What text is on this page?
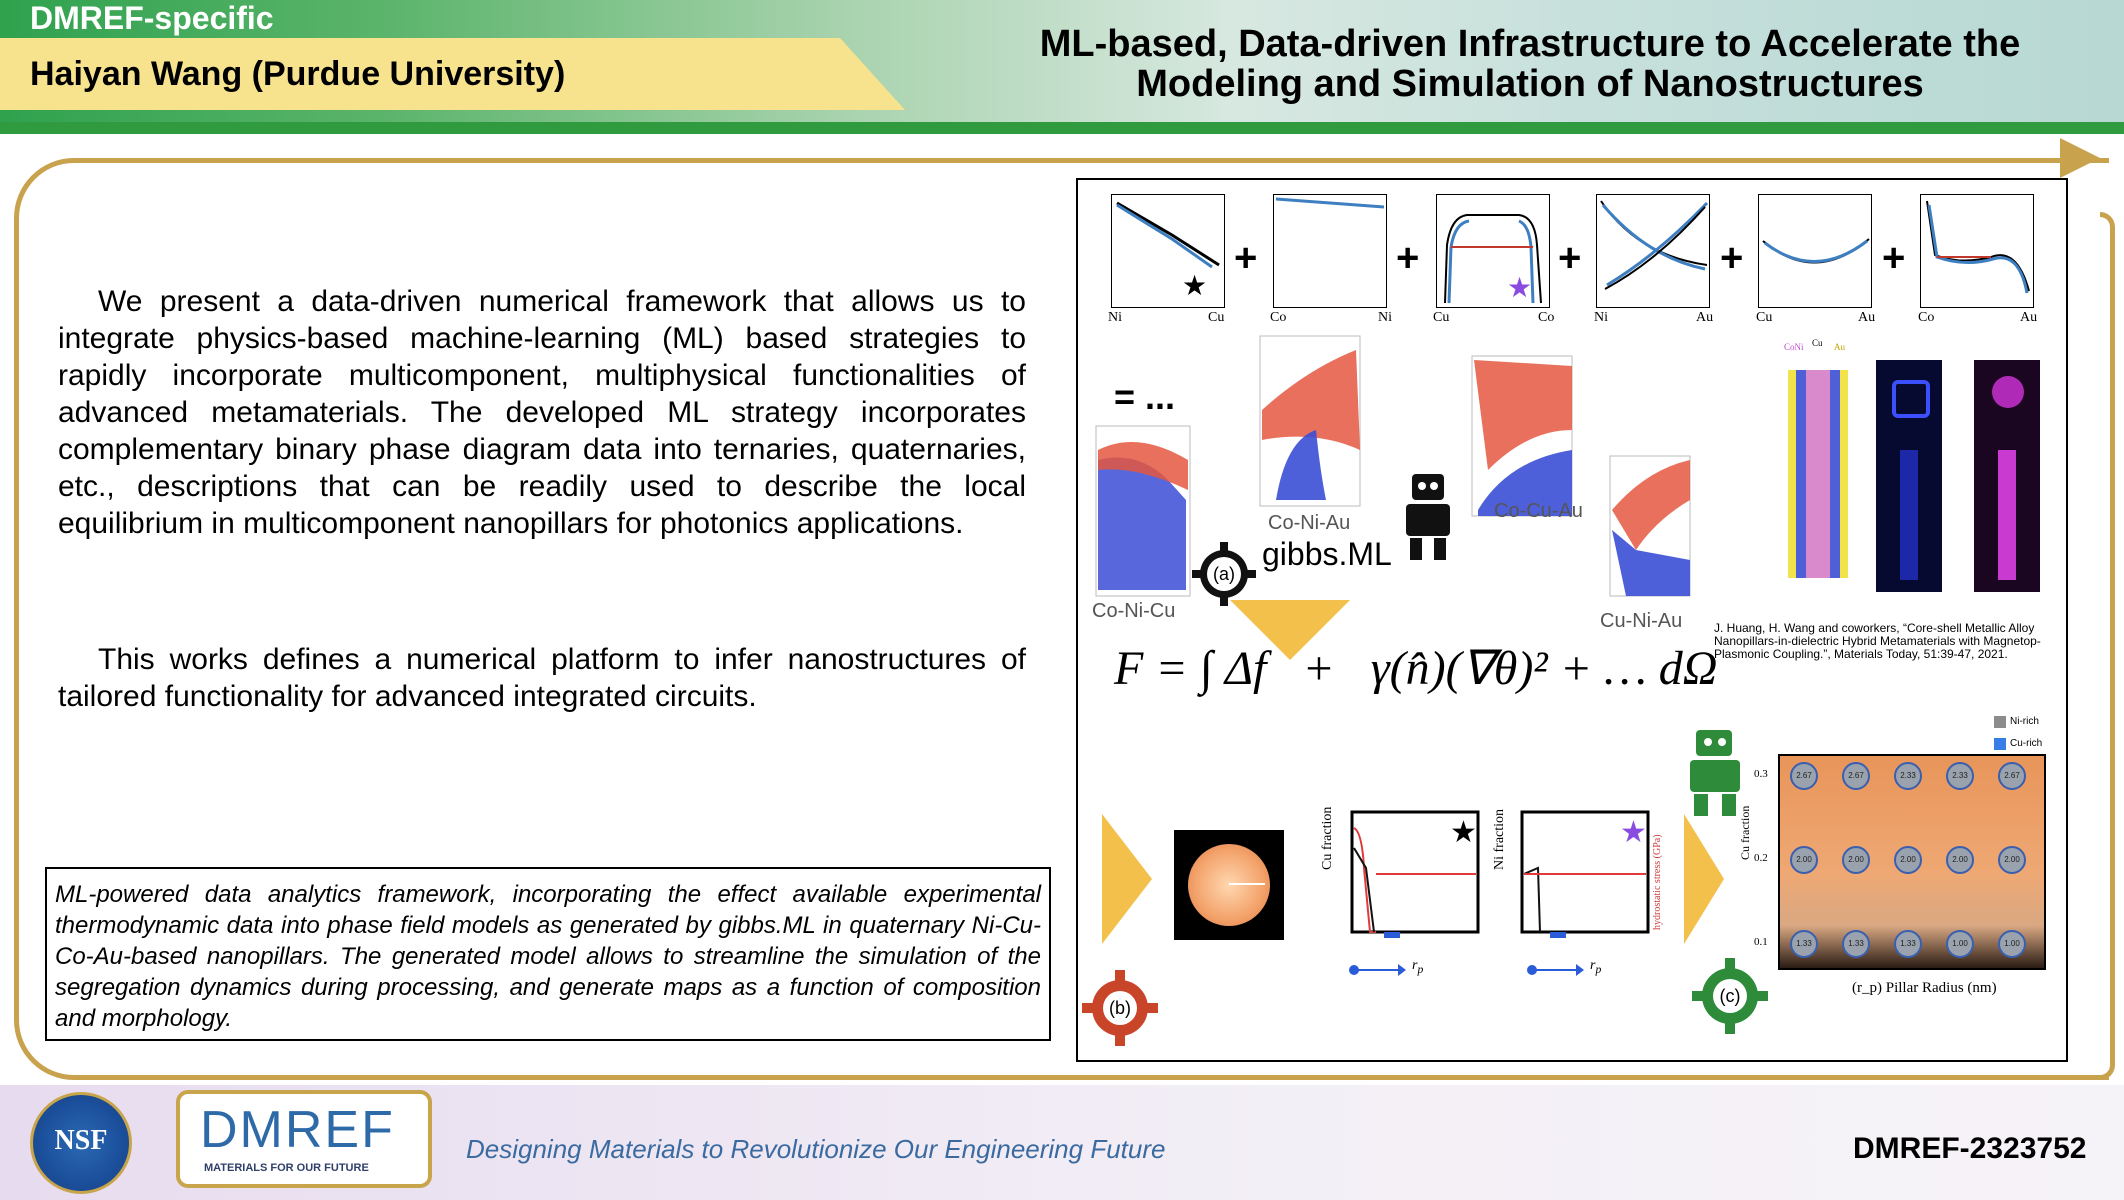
DMREF-specific
Haiyan Wang (Purdue University)
ML-based, Data-driven Infrastructure to Accelerate the
Modeling and Simulation of Nanostructures
We present a data-driven numerical framework that allows us to integrate physics-based machine-learning (ML) based strategies to rapidly incorporate multicomponent, multiphysical functionalities of advanced metamaterials. The developed ML strategy incorporates complementary binary phase diagram data into ternaries, quaternaries, etc., descriptions that can be readily used to describe the local equilibrium in multicomponent nanopillars for photonics applications.
This works defines a numerical platform to infer nanostructures of tailored functionality for advanced integrated circuits.
ML-powered data analytics framework, incorporating the effect available experimental thermodynamic data into phase field models as generated by gibbs.ML in quaternary Ni-Cu-Co-Au-based nanopillars. The generated model allows to streamline the simulation of the segregation dynamics during processing, and generate maps as a function of composition and morphology.
★
Ni	Cu
+
Co	Ni
+
★
Cu	Co
+
Ni	Au
+
Cu	Au
+
Co	Au
= ...
Co-Ni-Cu
Co-Ni-Au
Co-Cu-Au
Cu-Ni-Au
(a)
gibbs.ML
F = ∫ Δf   +   γ(n̂)(∇θ)² + … dΩ
CoNi Cu Au
J. Huang, H. Wang and coworkers, “Core-shell Metallic Alloy Nanopillars-in-dielectric Hybrid Metamaterials with Magnetop-Plasmonic Coupling.”, Materials Today, 51:39-47, 2021.
(b)
★
Cu fraction	★
Ni fraction	hydrostatic stress (GPa)
$r_p$	$r_p$
(c)
Ni-rich
Cu-rich
2.67	2.67	2.33	2.33	2.67
2.00	2.00	2.00	2.00	2.00
1.33	1.33	1.33	1.00	1.00
0.3
0.2
0.1
Cu fraction
(r_p) Pillar Radius (nm)
NSF	DMREF
MATERIALS FOR OUR FUTURE
Designing Materials to Revolutionize Our Engineering Future	DMREF-2323752
